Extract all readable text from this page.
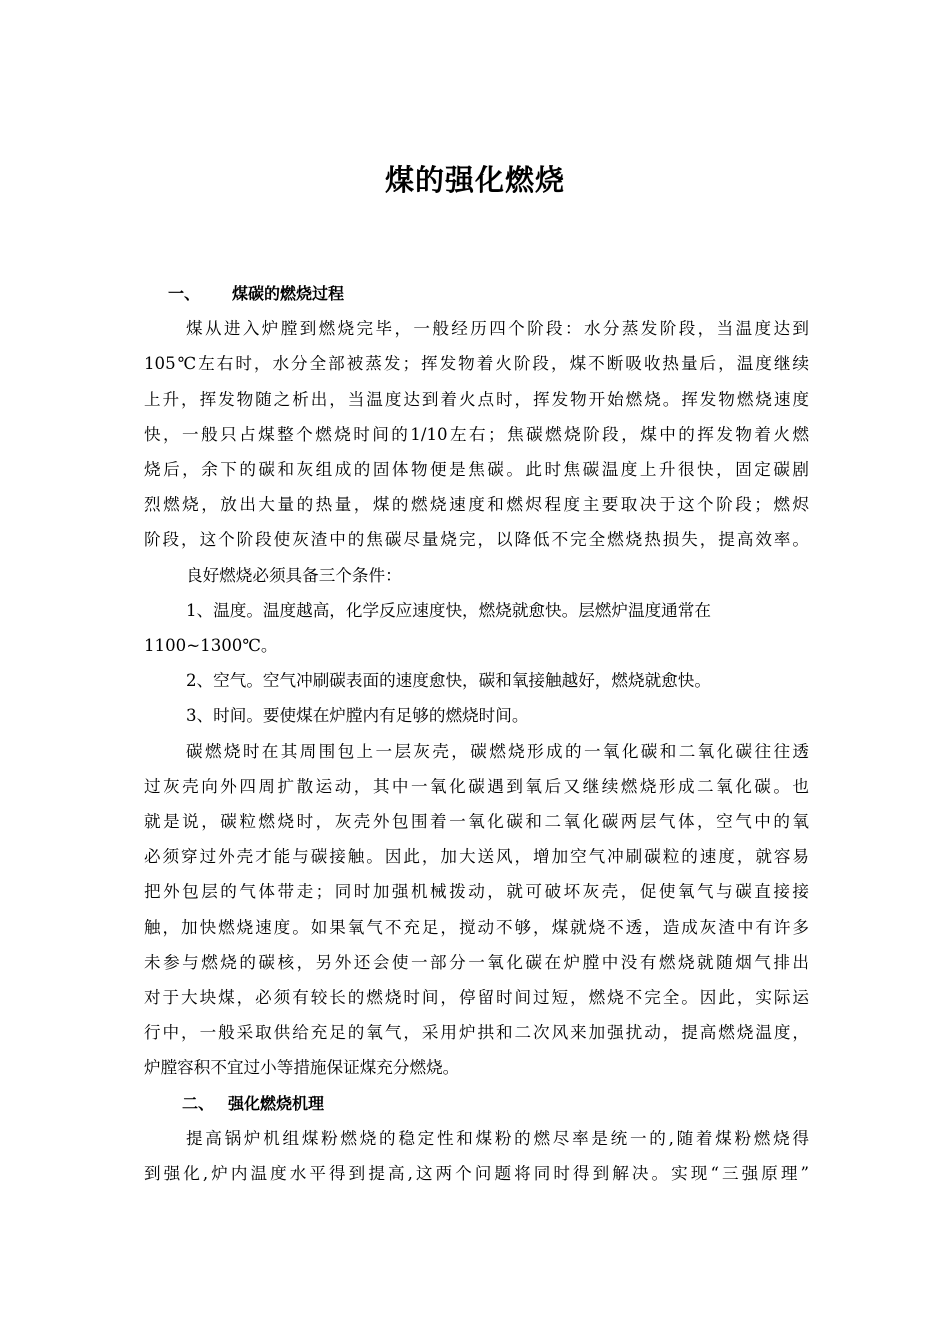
煤的强化燃烧

一、 煤碳的燃烧过程

煤从进入炉膛到燃烧完毕，一般经历四个阶段：水分蒸发阶段，当温度达到
105℃左右时，水分全部被蒸发；挥发物着火阶段，煤不断吸收热量后，温度继续
上升，挥发物随之析出，当温度达到着火点时，挥发物开始燃烧。挥发物燃烧速度
快，一般只占煤整个燃烧时间的1/10左右；焦碳燃烧阶段，煤中的挥发物着火燃
烧后，余下的碳和灰组成的固体物便是焦碳。此时焦碳温度上升很快，固定碳剧
烈燃烧，放出大量的热量，煤的燃烧速度和燃烬程度主要取决于这个阶段；燃烬
阶段，这个阶段使灰渣中的焦碳尽量烧完，以降低不完全燃烧热损失，提高效率。

良好燃烧必须具备三个条件：

1、温度。温度越高，化学反应速度快，燃烧就愈快。层燃炉温度通常在
1100~1300℃。

2、空气。空气冲刷碳表面的速度愈快，碳和氧接触越好，燃烧就愈快。

3、时间。要使煤在炉膛内有足够的燃烧时间。

碳燃烧时在其周围包上一层灰壳，碳燃烧形成的一氧化碳和二氧化碳往往透
过灰壳向外四周扩散运动，其中一氧化碳遇到氧后又继续燃烧形成二氧化碳。也
就是说，碳粒燃烧时，灰壳外包围着一氧化碳和二氧化碳两层气体，空气中的氧
必须穿过外壳才能与碳接触。因此，加大送风，增加空气冲刷碳粒的速度，就容易
把外包层的气体带走；同时加强机械拨动，就可破坏灰壳，促使氧气与碳直接接
触，加快燃烧速度。如果氧气不充足，搅动不够，煤就烧不透，造成灰渣中有许多
未参与燃烧的碳核，另外还会使一部分一氧化碳在炉膛中没有燃烧就随烟气排出
对于大块煤，必须有较长的燃烧时间，停留时间过短，燃烧不完全。因此，实际运
行中，一般采取供给充足的氧气，采用炉拱和二次风来加强扰动，提高燃烧温度，
炉膛容积不宜过小等措施保证煤充分燃烧。

二、 强化燃烧机理

提高锅炉机组煤粉燃烧的稳定性和煤粉的燃尽率是统一的,随着煤粉燃烧得
到强化,炉内温度水平得到提高,这两个问题将同时得到解决。实现“三强原理”
